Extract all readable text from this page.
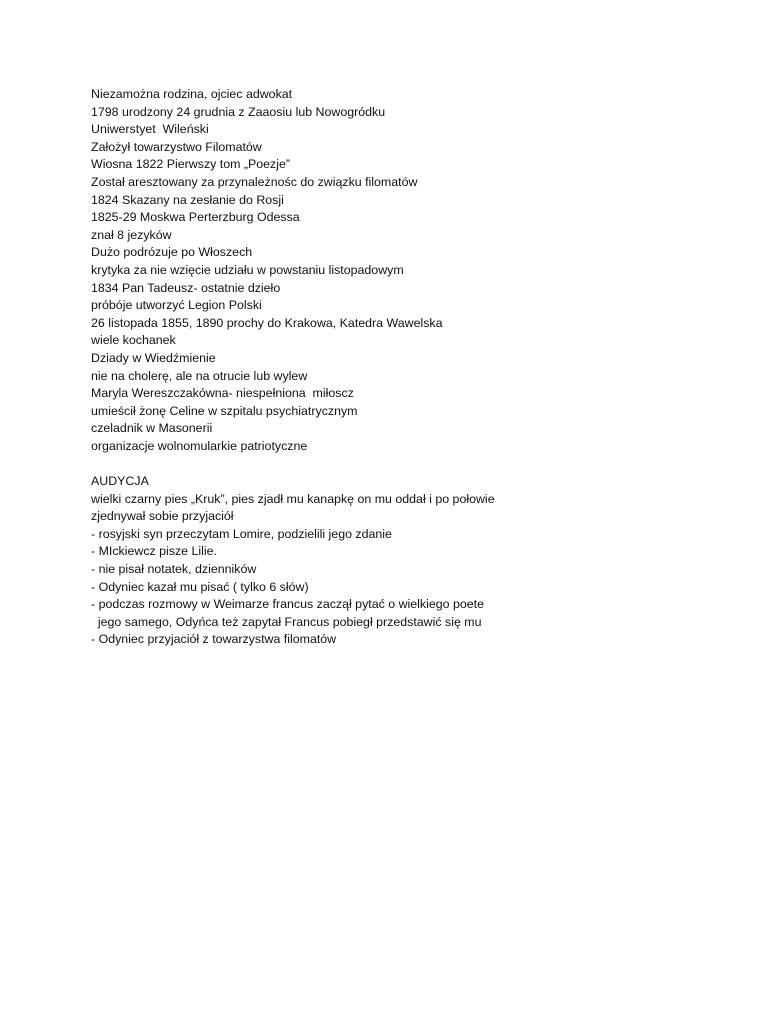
Niezamożna rodzina, ojciec adwokat
1798 urodzony 24 grudnia z Zaaosiu lub Nowogródku
Uniwerstyet  Wileński
Założył towarzystwo Filomatów
Wiosna 1822 Pierwszy tom „Poezje”
Został aresztowany za przynależnośc do związku filomatów
1824 Skazany na zesłanie do Rosji
1825-29 Moskwa Perterzburg Odessa
znał 8 jezyków
Dużo podrózuje po Włoszech
krytyka za nie wzięcie udziału w powstaniu listopadowym
1834 Pan Tadeusz- ostatnie dzieło
próbóje utworzyć Legion Polski
26 listopada 1855, 1890 prochy do Krakowa, Katedra Wawelska
wiele kochanek
Dziady w Wiedźmienie
nie na cholerę, ale na otrucie lub wylew
Maryla Wereszczakówna- niespełniona  miłoscz
umieścił żonę Celine w szpitalu psychiatrycznym
czeladnik w Masonerii
organizacje wolnomularkie patriotyczne
AUDYCJA
wielki czarny pies „Kruk”, pies zjadł mu kanapkę on mu oddał i po połowie
zjednywał sobie przyjaciół
- rosyjski syn przeczytam Lomire, podzielili jego zdanie
- MIckiewcz pisze Lilie.
- nie pisał notatek, dzienników
- Odyniec kazał mu pisać ( tylko 6 słów)
- podczas rozmowy w Weimarze francus zaczął pytać o wielkiego poete
jego samego, Odyńca też zapytał Francus pobiegł przedstawić się mu
- Odyniec przyjaciół z towarzystwa filomatów
